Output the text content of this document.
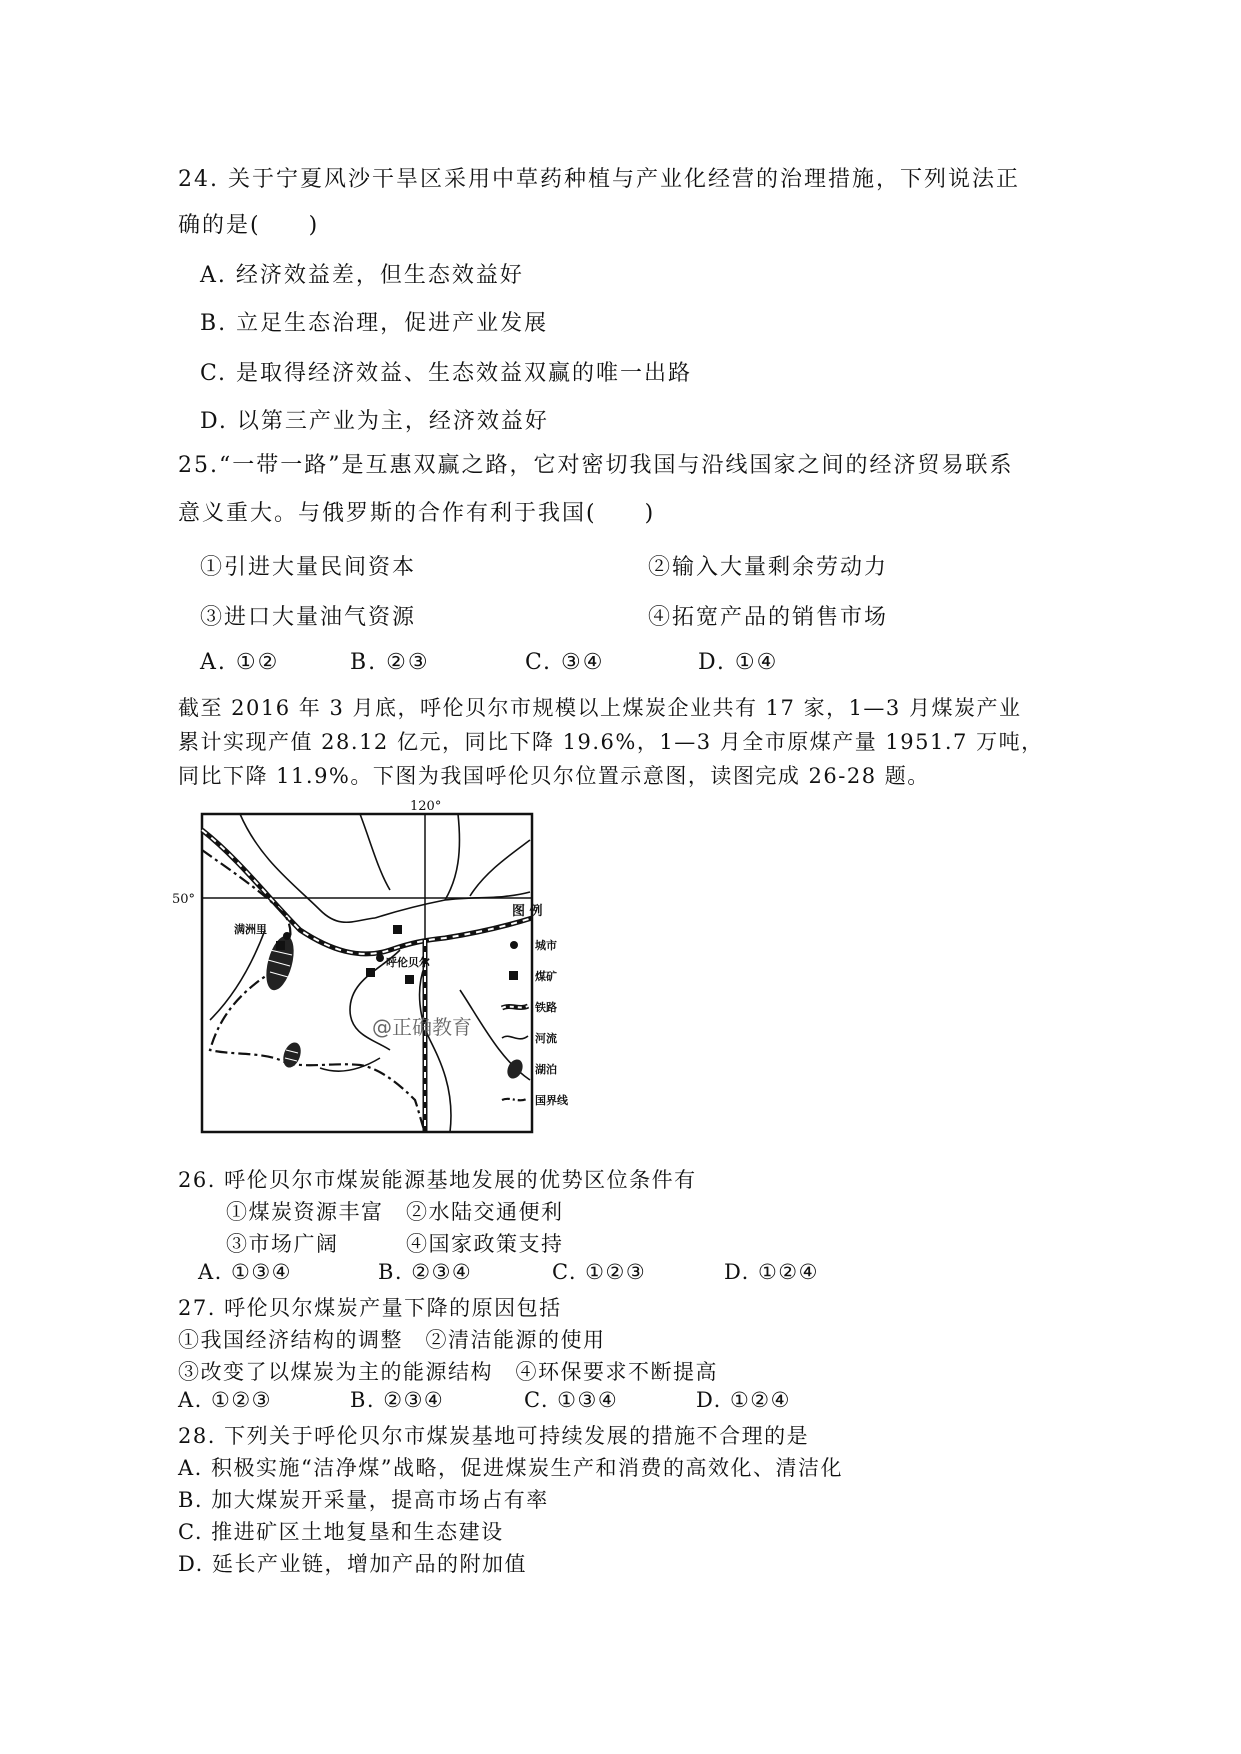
24. 关于宁夏风沙干旱区采用中草药种植与产业化经营的治理措施，下列说法正
确的是(　　)
A. 经济效益差，但生态效益好
B. 立足生态治理，促进产业发展
C. 是取得经济效益、生态效益双赢的唯一出路
D. 以第三产业为主，经济效益好
25.“一带一路”是互惠双赢之路，它对密切我国与沿线国家之间的经济贸易联系
意义重大。与俄罗斯的合作有利于我国(　　)
①引进大量民间资本	②输入大量剩余劳动力
③进口大量油气资源	④拓宽产品的销售市场
A. ①②	B. ②③	C. ③④	D. ①④
截至 2016 年 3 月底，呼伦贝尔市规模以上煤炭企业共有 17 家，1—3 月煤炭产业
累计实现产值 28.12 亿元，同比下降 19.6%，1—3 月全市原煤产量 1951.7 万吨，
同比下降 11.9%。下图为我国呼伦贝尔位置示意图，读图完成 26-28 题。
120°
50°
满洲里
呼伦贝尔
@正确教育
图 例
城市
煤矿
铁路
河流
湖泊
国界线
26. 呼伦贝尔市煤炭能源基地发展的优势区位条件有
①煤炭资源丰富　②水陆交通便利
③市场广阔　　　④国家政策支持
A. ①③④	B. ②③④	C. ①②③	D. ①②④
27. 呼伦贝尔煤炭产量下降的原因包括
①我国经济结构的调整　②清洁能源的使用
③改变了以煤炭为主的能源结构　④环保要求不断提高
A. ①②③	B. ②③④	C. ①③④	D. ①②④
28. 下列关于呼伦贝尔市煤炭基地可持续发展的措施不合理的是
A. 积极实施“洁净煤”战略，促进煤炭生产和消费的高效化、清洁化
B. 加大煤炭开采量，提高市场占有率
C. 推进矿区土地复垦和生态建设
D. 延长产业链，增加产品的附加值
